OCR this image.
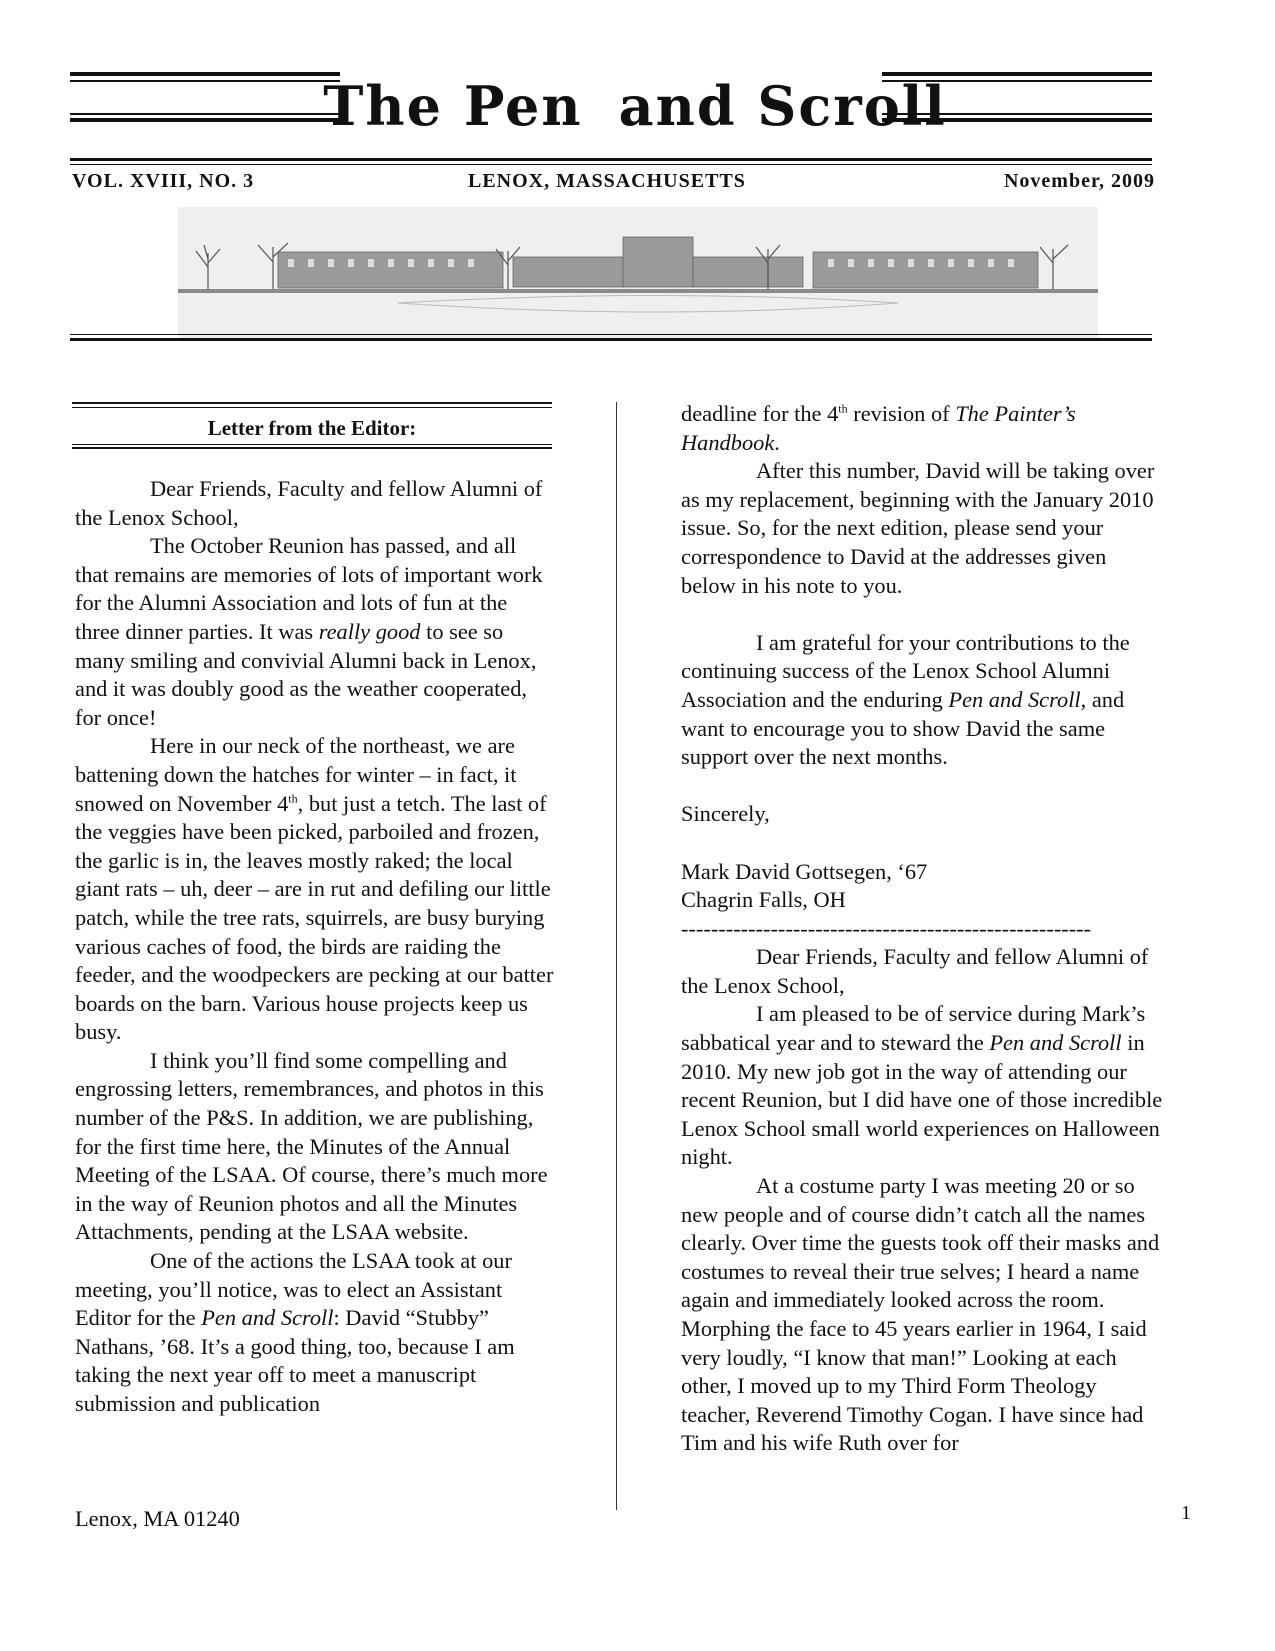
The Pen and Scroll
VOL. XVIII, NO. 3	LENOX, MASSACHUSETTS	November, 2009
Letter from the Editor:

Dear Friends, Faculty and fellow Alumni of the Lenox School,

The October Reunion has passed, and all that remains are memories of lots of important work for the Alumni Association and lots of fun at the three dinner parties. It was really good to see so many smiling and convivial Alumni back in Lenox, and it was doubly good as the weather cooperated, for once!

Here in our neck of the northeast, we are battening down the hatches for winter – in fact, it snowed on November 4th, but just a tetch. The last of the veggies have been picked, parboiled and frozen, the garlic is in, the leaves mostly raked; the local giant rats – uh, deer – are in rut and defiling our little patch, while the tree rats, squirrels, are busy burying various caches of food, the birds are raiding the feeder, and the woodpeckers are pecking at our batter boards on the barn. Various house projects keep us busy.

I think you’ll find some compelling and engrossing letters, remembrances, and photos in this number of the P&S. In addition, we are publishing, for the first time here, the Minutes of the Annual Meeting of the LSAA. Of course, there’s much more in the way of Reunion photos and all the Minutes Attachments, pending at the LSAA website.

One of the actions the LSAA took at our meeting, you’ll notice, was to elect an Assistant Editor for the Pen and Scroll: David “Stubby” Nathans, ’68. It’s a good thing, too, because I am taking the next year off to meet a manuscript submission and publication

deadline for the 4th revision of The Painter’s Handbook.

After this number, David will be taking over as my replacement, beginning with the January 2010 issue. So, for the next edition, please send your correspondence to David at the addresses given below in his note to you.

I am grateful for your contributions to the continuing success of the Lenox School Alumni Association and the enduring Pen and Scroll, and want to encourage you to show David the same support over the next months.

Sincerely,

Mark David Gottsegen, ‘67

Chagrin Falls, OH

-------------------------------------------------------

Dear Friends, Faculty and fellow Alumni of the Lenox School,

I am pleased to be of service during Mark’s sabbatical year and to steward the Pen and Scroll in 2010. My new job got in the way of attending our recent Reunion, but I did have one of those incredible Lenox School small world experiences on Halloween night.

At a costume party I was meeting 20 or so new people and of course didn’t catch all the names clearly. Over time the guests took off their masks and costumes to reveal their true selves; I heard a name again and immediately looked across the room. Morphing the face to 45 years earlier in 1964, I said very loudly, “I know that man!” Looking at each other, I moved up to my Third Form Theology teacher, Reverend Timothy Cogan. I have since had Tim and his wife Ruth over for

Lenox, MA 01240	1
